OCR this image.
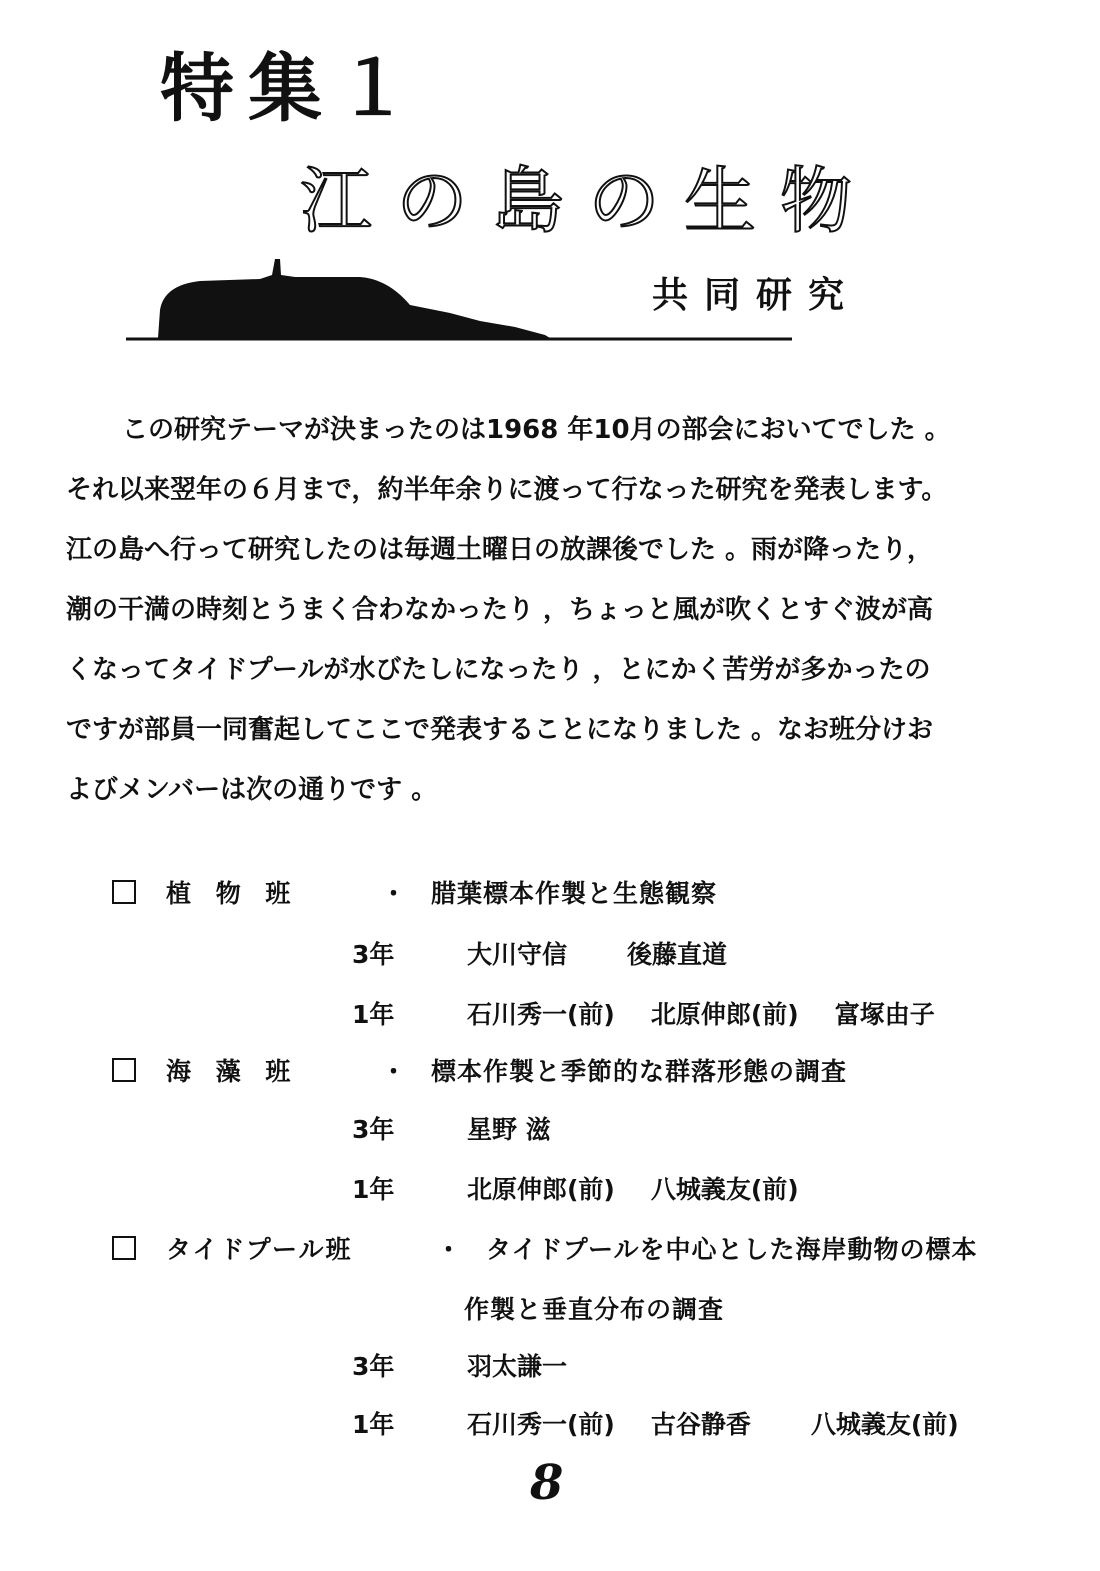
特集１
江の島の生物
共同研究

この研究テーマが決まったのは1968 年10月の部会においてでした 。
それ以来翌年の６月まで，約半年余りに渡って行なった研究を発表します。
江の島へ行って研究したのは毎週土曜日の放課後でした 。雨が降ったり，
潮の干満の時刻とうまく合わなかったり ，ちょっと風が吹くとすぐ波が高
くなってタイドプールが水びたしになったり ，とにかく苦労が多かったの
ですが部員一同奮起してここで発表することになりました 。なお班分けお
よびメンバーは次の通りです 。

植 物 班	・ 腊葉標本作製と生態観察
3年	大川守信 後藤直道
1年	石川秀一(前) 北原伸郎(前) 富塚由子
海 藻 班	・ 標本作製と季節的な群落形態の調査
3年	星野 滋
1年	北原伸郎(前) 八城義友(前)
タイドプール班	・ タイドプールを中心とした海岸動物の標本
作製と垂直分布の調査
3年	羽太謙一
1年	石川秀一(前) 古谷静香 八城義友(前)
8
